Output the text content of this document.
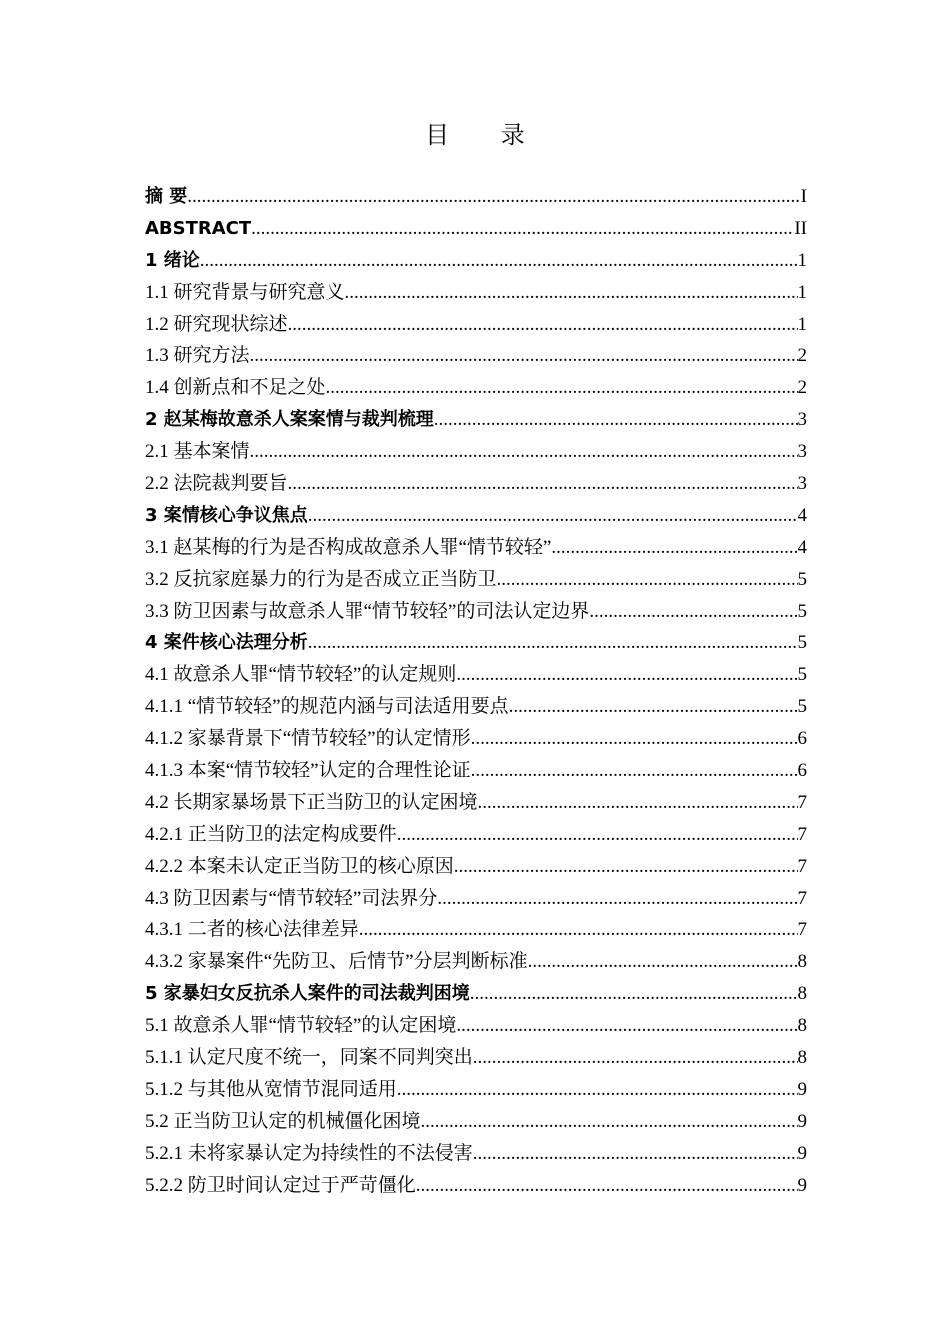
目 录
摘 要 .....	I
ABSTRACT .....	II
1 绪论 .....	1
1.1 研究背景与研究意义 .....	1
1.2 研究现状综述 .....	1
1.3 研究方法 .....	2
1.4 创新点和不足之处 .....	2
2 赵某梅故意杀人案案情与裁判梳理 .....	3
2.1 基本案情 .....	3
2.2 法院裁判要旨 .....	3
3 案情核心争议焦点 .....	4
3.1 赵某梅的行为是否构成故意杀人罪“情节较轻” .....	4
3.2 反抗家庭暴力的行为是否成立正当防卫 .....	5
3.3 防卫因素与故意杀人罪“情节较轻”的司法认定边界 .....	5
4 案件核心法理分析 .....	5
4.1 故意杀人罪“情节较轻”的认定规则 .....	5
4.1.1 “情节较轻”的规范内涵与司法适用要点 .....	5
4.1.2 家暴背景下“情节较轻”的认定情形 .....	6
4.1.3 本案“情节较轻”认定的合理性论证 .....	6
4.2 长期家暴场景下正当防卫的认定困境 .....	7
4.2.1 正当防卫的法定构成要件 .....	7
4.2.2 本案未认定正当防卫的核心原因 .....	7
4.3 防卫因素与“情节较轻”司法界分 .....	7
4.3.1 二者的核心法律差异 .....	7
4.3.2 家暴案件“先防卫、后情节”分层判断标准 .....	8
5 家暴妇女反抗杀人案件的司法裁判困境 .....	8
5.1 故意杀人罪“情节较轻”的认定困境 .....	8
5.1.1 认定尺度不统一，同案不同判突出 .....	8
5.1.2 与其他从宽情节混同适用 .....	9
5.2 正当防卫认定的机械僵化困境 .....	9
5.2.1 未将家暴认定为持续性的不法侵害 .....	9
5.2.2 防卫时间认定过于严苛僵化 .....	9
